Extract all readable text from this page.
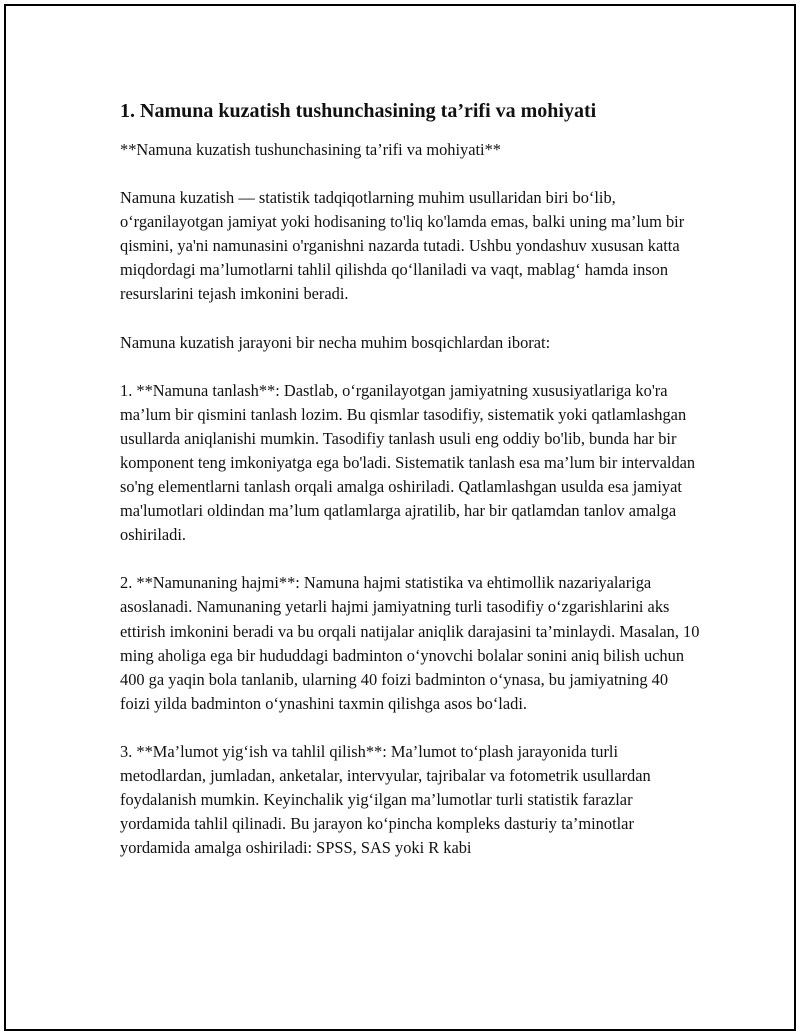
1. Namuna kuzatish tushunchasining ta’rifi va mohiyati

**Namuna kuzatish tushunchasining ta’rifi va mohiyati**

Namuna kuzatish — statistik tadqiqotlarning muhim usullaridan biri bo‘lib, o‘rganilayotgan jamiyat yoki hodisaning to'liq ko'lamda emas, balki uning ma’lum bir qismini, ya'ni namunasini o'rganishni nazarda tutadi. Ushbu yondashuv xususan katta miqdordagi ma’lumotlarni tahlil qilishda qo‘llaniladi va vaqt, mablag‘ hamda inson resurslarini tejash imkonini beradi.

Namuna kuzatish jarayoni bir necha muhim bosqichlardan iborat:

1. **Namuna tanlash**: Dastlab, o‘rganilayotgan jamiyatning xususiyatlariga ko'ra ma’lum bir qismini tanlash lozim. Bu qismlar tasodifiy, sistematik yoki qatlamlashgan usullarda aniqlanishi mumkin. Tasodifiy tanlash usuli eng oddiy bo'lib, bunda har bir komponent teng imkoniyatga ega bo'ladi. Sistematik tanlash esa ma’lum bir intervaldan so'ng elementlarni tanlash orqali amalga oshiriladi. Qatlamlashgan usulda esa jamiyat ma'lumotlari oldindan ma’lum qatlamlarga ajratilib, har bir qatlamdan tanlov amalga oshiriladi.

2. **Namunaning hajmi**: Namuna hajmi statistika va ehtimollik nazariyalariga asoslanadi. Namunaning yetarli hajmi jamiyatning turli tasodifiy o‘zgarishlarini aks ettirish imkonini beradi va bu orqali natijalar aniqlik darajasini ta’minlaydi. Masalan, 10 ming aholiga ega bir hududdagi badminton o‘ynovchi bolalar sonini aniq bilish uchun 400 ga yaqin bola tanlanib, ularning 40 foizi badminton o‘ynasa, bu jamiyatning 40 foizi yilda badminton o‘ynashini taxmin qilishga asos bo‘ladi.

3. **Ma’lumot yig‘ish va tahlil qilish**: Ma’lumot to‘plash jarayonida turli metodlardan, jumladan, anketalar, intervyular, tajribalar va fotometrik usullardan foydalanish mumkin. Keyinchalik yig‘ilgan ma’lumotlar turli statistik farazlar yordamida tahlil qilinadi. Bu jarayon ko‘pincha kompleks dasturiy ta’minotlar yordamida amalga oshiriladi: SPSS, SAS yoki R kabi
